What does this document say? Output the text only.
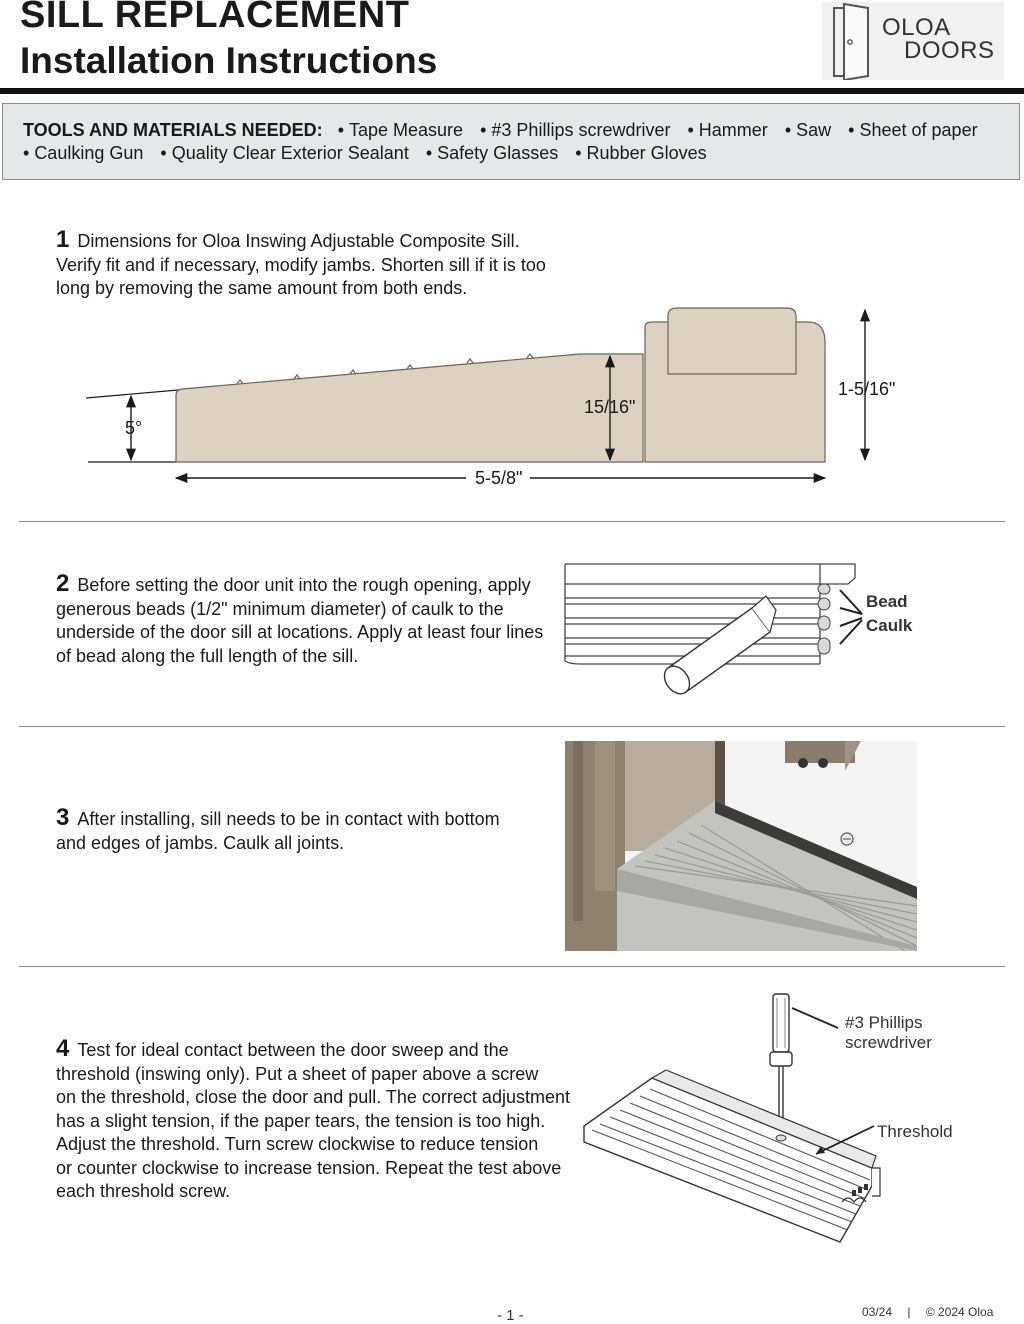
SILL REPLACEMENT
Installation Instructions
OLOA
DOORS
TOOLS AND MATERIALS NEEDED: • Tape Measure • #3 Phillips screwdriver • Hammer • Saw • Sheet of paper
• Caulking Gun • Quality Clear Exterior Sealant • Safety Glasses • Rubber Gloves
1 Dimensions for Oloa Inswing Adjustable Composite Sill.
Verify fit and if necessary, modify jambs. Shorten sill if it is too
long by removing the same amount from both ends.
5°
15/16"
1-5/16"
5-5/8"
2 Before setting the door unit into the rough opening, apply
generous beads (1/2" minimum diameter) of caulk to the
underside of the door sill at locations. Apply at least four lines
of bead along the full length of the sill.
Bead
Caulk
3 After installing, sill needs to be in contact with bottom
and edges of jambs. Caulk all joints.
4 Test for ideal contact between the door sweep and the
threshold (inswing only). Put a sheet of paper above a screw
on the threshold, close the door and pull. The correct adjustment
has a slight tension, if the paper tears, the tension is too high.
Adjust the threshold. Turn screw clockwise to reduce tension
or counter clockwise to increase tension. Repeat the test above
each threshold screw.
#3 Phillips
screwdriver
Threshold
- 1 -	03/24 | © 2024 Oloa
